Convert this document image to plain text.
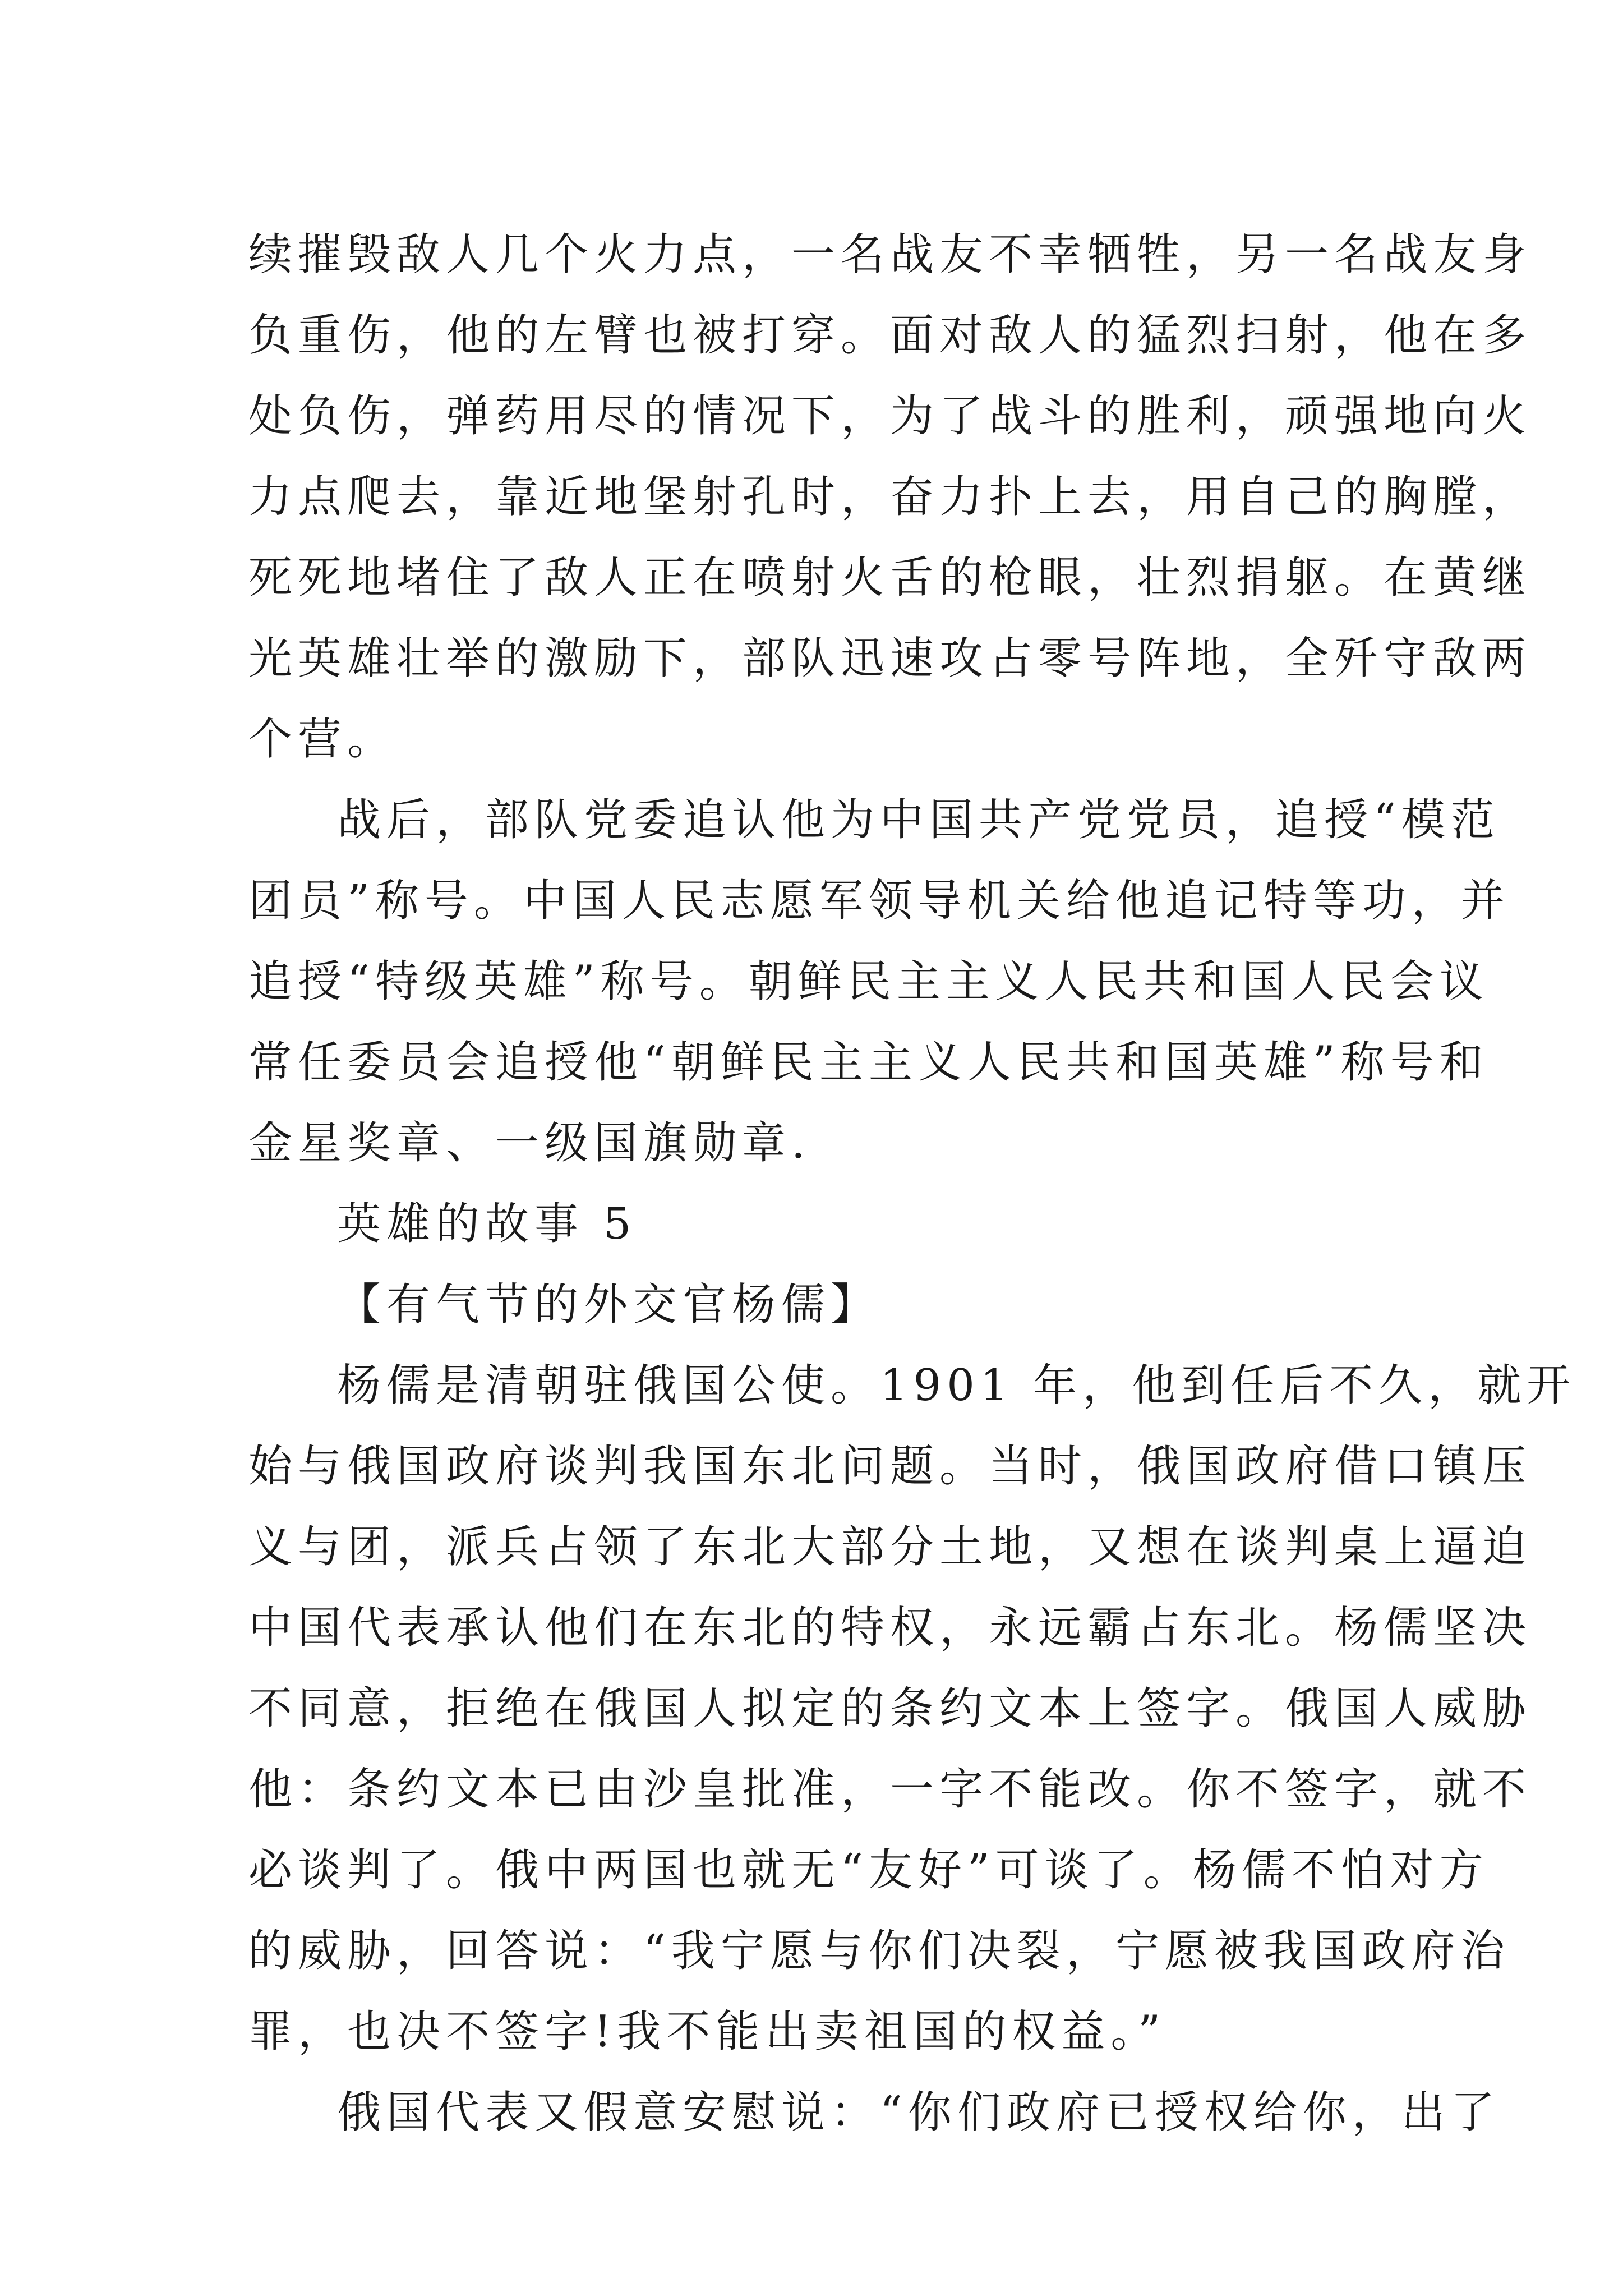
续摧毁敌人几个火力点，一名战友不幸牺牲，另一名战友身
负重伤，他的左臂也被打穿。面对敌人的猛烈扫射，他在多
处负伤，弹药用尽的情况下，为了战斗的胜利，顽强地向火
力点爬去，靠近地堡射孔时，奋力扑上去，用自己的胸膛，
死死地堵住了敌人正在喷射火舌的枪眼，壮烈捐躯。在黄继
光英雄壮举的激励下，部队迅速攻占零号阵地，全歼守敌两
个营。
战后，部队党委追认他为中国共产党党员，追授“模范
团员”称号。中国人民志愿军领导机关给他追记特等功，并
追授“特级英雄”称号。朝鲜民主主义人民共和国人民会议
常任委员会追授他“朝鲜民主主义人民共和国英雄”称号和
金星奖章、一级国旗勋章.
英雄的故事 5
【有气节的外交官杨儒】
杨儒是清朝驻俄国公使。1901 年，他到任后不久，就开
始与俄国政府谈判我国东北问题。当时，俄国政府借口镇压
义与团，派兵占领了东北大部分土地，又想在谈判桌上逼迫
中国代表承认他们在东北的特权，永远霸占东北。杨儒坚决
不同意，拒绝在俄国人拟定的条约文本上签字。俄国人威胁
他：条约文本已由沙皇批准，一字不能改。你不签字，就不
必谈判了。俄中两国也就无“友好”可谈了。杨儒不怕对方
的威胁，回答说：“我宁愿与你们决裂，宁愿被我国政府治
罪，也决不签字!我不能出卖祖国的权益。”
俄国代表又假意安慰说：“你们政府已授权给你，出了
